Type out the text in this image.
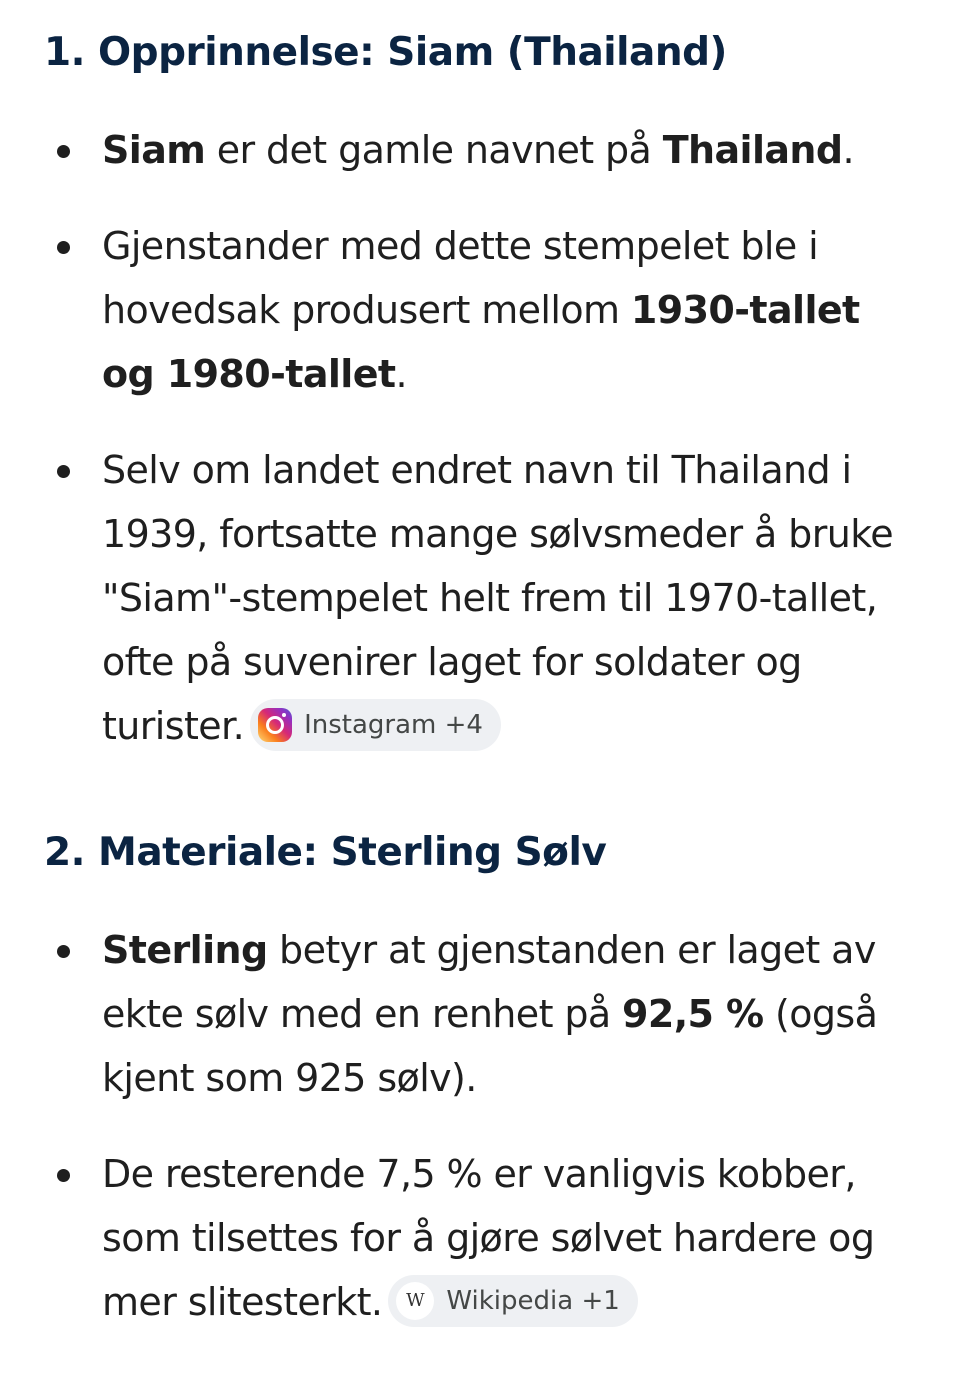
1. Opprinnelse: Siam (Thailand)
Siam er det gamle navnet på Thailand.
Gjenstander med dette stempelet ble i
hovedsak produsert mellom 1930-tallet
og 1980-tallet.
Selv om landet endret navn til Thailand i
1939, fortsatte mange sølvsmeder å bruke
"Siam"-stempelet helt frem til 1970-tallet,
ofte på suvenirer laget for soldater og
turister. Instagram +4
2. Materiale: Sterling Sølv
Sterling betyr at gjenstanden er laget av
ekte sølv med en renhet på 92,5 % (også
kjent som 925 sølv).
De resterende 7,5 % er vanligvis kobber,
som tilsettes for å gjøre sølvet hardere og
mer slitesterkt.	W Wikipedia +1
